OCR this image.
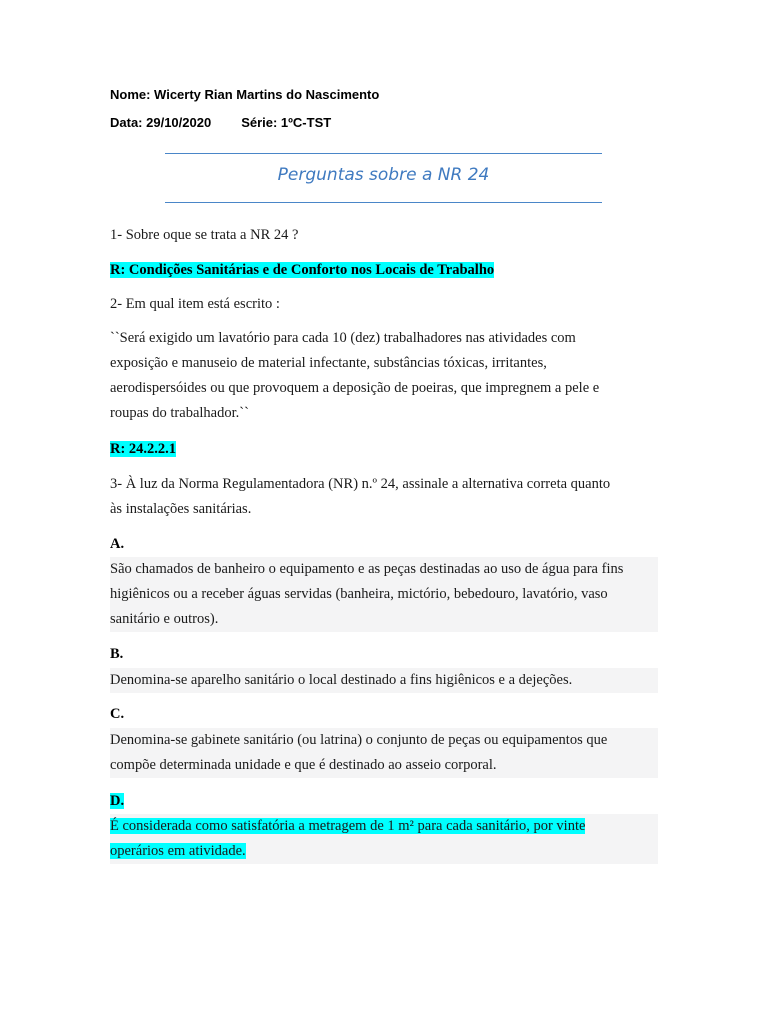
Nome: Wicerty Rian Martins do Nascimento
Data: 29/10/2020 Série: 1ºC-TST
Perguntas sobre a NR 24
1- Sobre oque se trata a NR 24 ?
R: Condições Sanitárias e de Conforto nos Locais de Trabalho
2- Em qual item está escrito :
``Será exigido um lavatório para cada 10 (dez) trabalhadores nas atividades com
exposição e manuseio de material infectante, substâncias tóxicas, irritantes,
aerodispersóides ou que provoquem a deposição de poeiras, que impregnem a pele e
roupas do trabalhador.``
R: 24.2.2.1
3- À luz da Norma Regulamentadora (NR) n.º 24, assinale a alternativa correta quanto
às instalações sanitárias.
A.
São chamados de banheiro o equipamento e as peças destinadas ao uso de água para fins
higiênicos ou a receber águas servidas (banheira, mictório, bebedouro, lavatório, vaso
sanitário e outros).
B.
Denomina-se aparelho sanitário o local destinado a fins higiênicos e a dejeções.
C.
Denomina-se gabinete sanitário (ou latrina) o conjunto de peças ou equipamentos que
compõe determinada unidade e que é destinado ao asseio corporal.
D.
É considerada como satisfatória a metragem de 1 m² para cada sanitário, por vinte
operários em atividade.
